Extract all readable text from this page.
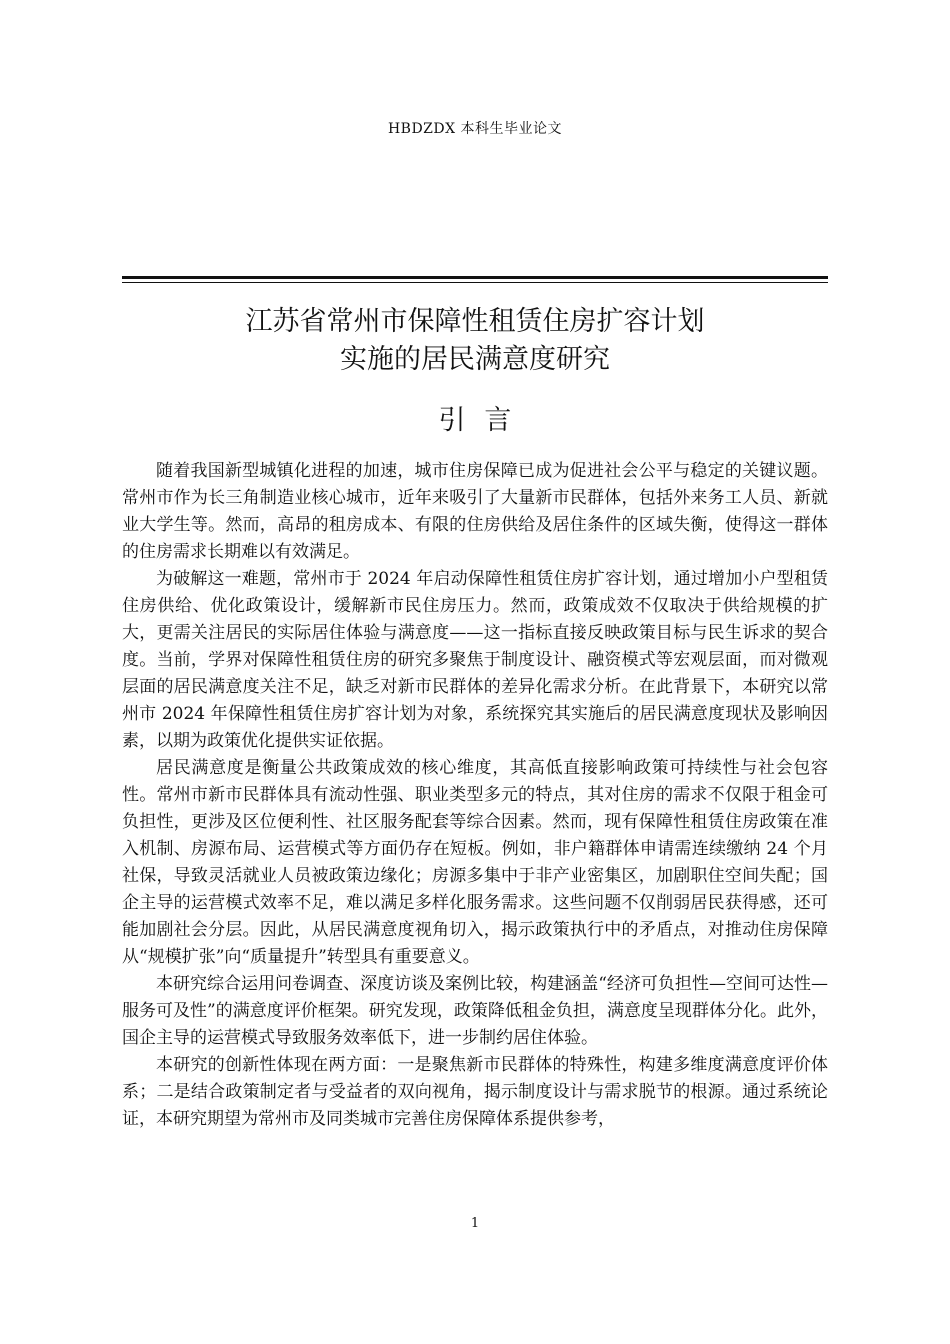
HBDZDX 本科生毕业论文
江苏省常州市保障性租赁住房扩容计划
实施的居民满意度研究
引言

随着我国新型城镇化进程的加速，城市住房保障已成为促进社会公平与稳定的关键议题。常州市作为长三角制造业核心城市，近年来吸引了大量新市民群体，包括外来务工人员、新就业大学生等。然而，高昂的租房成本、有限的住房供给及居住条件的区域失衡，使得这一群体的住房需求长期难以有效满足。

为破解这一难题，常州市于 2024 年启动保障性租赁住房扩容计划，通过增加小户型租赁住房供给、优化政策设计，缓解新市民住房压力。然而，政策成效不仅取决于供给规模的扩大，更需关注居民的实际居住体验与满意度——这一指标直接反映政策目标与民生诉求的契合度。当前，学界对保障性租赁住房的研究多聚焦于制度设计、融资模式等宏观层面，而对微观层面的居民满意度关注不足，缺乏对新市民群体的差异化需求分析。在此背景下，本研究以常州市 2024 年保障性租赁住房扩容计划为对象，系统探究其实施后的居民满意度现状及影响因素，以期为政策优化提供实证依据。

居民满意度是衡量公共政策成效的核心维度，其高低直接影响政策可持续性与社会包容性。常州市新市民群体具有流动性强、职业类型多元的特点，其对住房的需求不仅限于租金可负担性，更涉及区位便利性、社区服务配套等综合因素。然而，现有保障性租赁住房政策在准入机制、房源布局、运营模式等方面仍存在短板。例如，非户籍群体申请需连续缴纳 24 个月社保，导致灵活就业人员被政策边缘化；房源多集中于非产业密集区，加剧职住空间失配；国企主导的运营模式效率不足，难以满足多样化服务需求。这些问题不仅削弱居民获得感，还可能加剧社会分层。因此，从居民满意度视角切入，揭示政策执行中的矛盾点，对推动住房保障从“规模扩张”向“质量提升”转型具有重要意义。

本研究综合运用问卷调查、深度访谈及案例比较，构建涵盖“经济可负担性—空间可达性—服务可及性”的满意度评价框架。研究发现，政策降低租金负担，满意度呈现群体分化。此外，国企主导的运营模式导致服务效率低下，进一步制约居住体验。

本研究的创新性体现在两方面：一是聚焦新市民群体的特殊性，构建多维度满意度评价体系；二是结合政策制定者与受益者的双向视角，揭示制度设计与需求脱节的根源。通过系统论证，本研究期望为常州市及同类城市完善住房保障体系提供参考，

1
